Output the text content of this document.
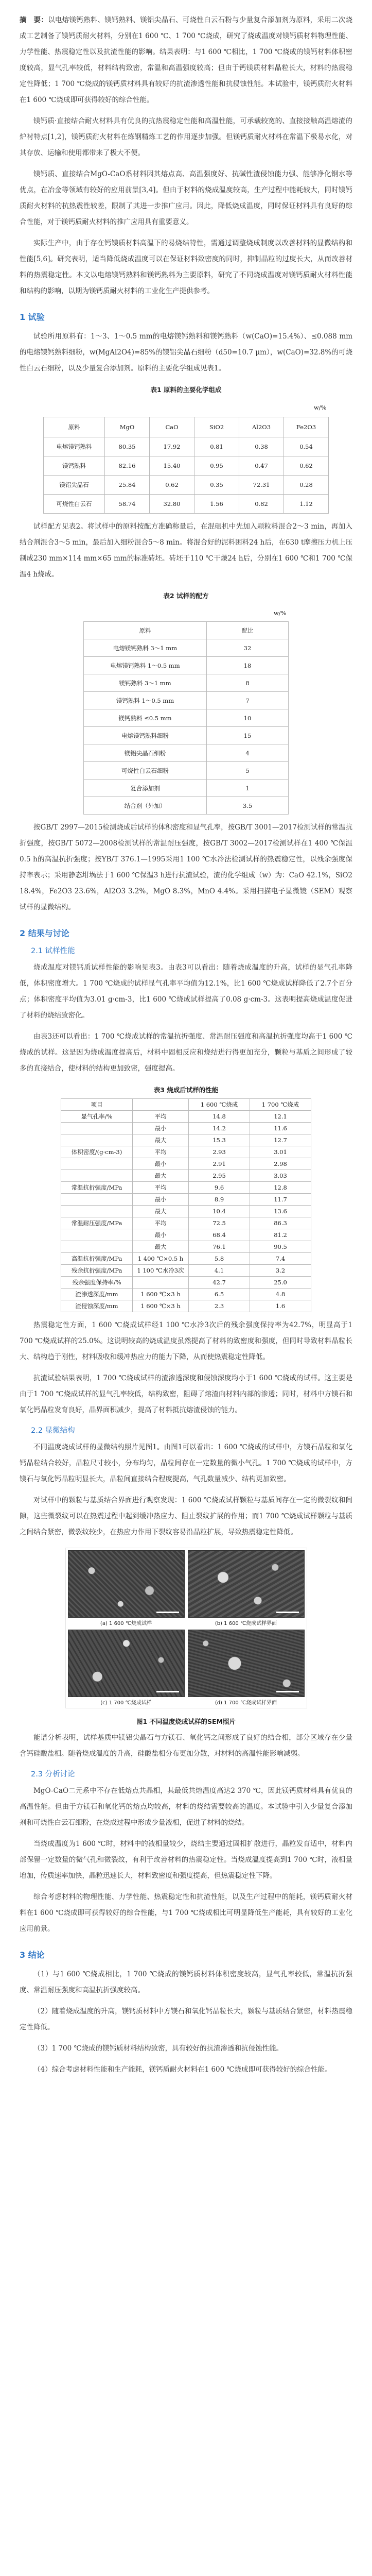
摘　要：以电熔镁钙熟料、镁钙熟料、镁铝尖晶石、可烧性白云石粉与少量复合添加剂为原料，采用二次烧成工艺制备了镁钙质耐火材料，分别在1 600 ℃、1 700 ℃烧成，研究了烧成温度对镁钙质材料物理性能、力学性能、热震稳定性以及抗渣性能的影响。结果表明：与1 600 ℃相比，1 700 ℃烧成的镁钙材料体积密度较高，显气孔率较低，材料结构致密，常温和高温强度较高；但由于钙镁质材料晶粒长大，材料的热震稳定性降低；1 700 ℃烧成的镁钙质材料具有较好的抗渣渗透性能和抗侵蚀性能。本试验中，镁钙质耐火材料在1 600 ℃烧成即可获得较好的综合性能。

镁钙质·直接结合耐火材料具有优良的抗热震稳定性能和高温性能，可承载较宽的、直接接触高温熔渣的炉衬特点[1,2]，镁钙质耐火材料在炼钢精炼工艺的作用逐步加强。但镁钙质耐火材料在常温下极易水化，对其存放、运输和使用都带来了极大不便。

镁钙质、直接结合MgO-CaO系材料因其熔点高、高温强度好、抗碱性渣侵蚀能力强、能够净化钢水等优点，在冶金等领域有较好的应用前景[3,4]。但由于材料的烧成温度较高，生产过程中能耗较大，同时镁钙质耐火材料的抗热震性较差，限制了其进一步推广应用。因此，降低烧成温度，同时保证材料具有良好的综合性能，对于镁钙质耐火材料的推广应用具有重要意义。

实际生产中，由于存在钙镁质材料高温下的易烧结特性，需通过调整烧成制度以改善材料的显微结构和性能[5,6]。研究表明，适当降低烧成温度可以在保证材料致密度的同时，抑制晶粒的过度长大，从而改善材料的热震稳定性。本文以电熔镁钙熟料和镁钙熟料为主要原料，研究了不同烧成温度对镁钙质耐火材料性能和结构的影响，以期为镁钙质耐火材料的工业化生产提供参考。

1 试验

试验所用原料有：1～3、1～0.5 mm的电熔镁钙熟料和镁钙熟料（w(CaO)=15.4%）、≤0.088 mm的电熔镁钙熟料细粉，w(MgAl2O4)=85%的镁铝尖晶石细粉（d50=10.7 μm），w(CaO)=32.8%的可烧性白云石细粉，以及少量复合添加剂。原料的主要化学组成见表1。

表1 原料的主要化学组成
w/%					
原料	MgO	CaO	SiO2	Al2O3	Fe2O3
电熔镁钙熟料	80.35	17.92	0.81	0.38	0.54
镁钙熟料	82.16	15.40	0.95	0.47	0.62
镁铝尖晶石	25.84	0.62	0.35	72.31	0.28
可烧性白云石	58.74	32.80	1.56	0.82	1.12

试样配方见表2。将试样中的原料按配方准确称量后，在混碾机中先加入颗粒料混合2～3 min，再加入结合剂混合3～5 min，最后加入细粉混合5～8 min。将混合好的泥料困料24 h后，在630 t摩擦压力机上压制成230 mm×114 mm×65 mm的标准砖坯。砖坯于110 ℃干燥24 h后，分别在1 600 ℃和1 700 ℃保温4 h烧成。

表2 试样的配方
w/%	
原料	配比
电熔镁钙熟料 3～1 mm	32
电熔镁钙熟料 1～0.5 mm	18
镁钙熟料 3～1 mm	8
镁钙熟料 1～0.5 mm	7
镁钙熟料 ≤0.5 mm	10
电熔镁钙熟料细粉	15
镁铝尖晶石细粉	4
可烧性白云石细粉	5
复合添加剂	1
结合剂（外加）	3.5

按GB/T 2997—2015检测烧成后试样的体积密度和显气孔率，按GB/T 3001—2017检测试样的常温抗折强度，按GB/T 5072—2008检测试样的常温耐压强度，按GB/T 3002—2017检测试样在1 400 ℃保温0.5 h的高温抗折强度；按YB/T 376.1—1995采用1 100 ℃水冷法检测试样的热震稳定性，以残余强度保持率表示；采用静态坩埚法于1 600 ℃保温3 h进行抗渣试验，渣的化学组成（w）为：CaO 42.1%，SiO2 18.4%，Fe2O3 23.6%，Al2O3 3.2%，MgO 8.3%，MnO 4.4%。采用扫描电子显微镜（SEM）观察试样的显微结构。

2 结果与讨论
2.1 试样性能

烧成温度对镁钙质试样性能的影响见表3。由表3可以看出：随着烧成温度的升高，试样的显气孔率降低，体积密度增大。1 700 ℃烧成的试样显气孔率平均值为12.1%，比1 600 ℃烧成试样降低了2.7个百分点；体积密度平均值为3.01 g·cm-3，比1 600 ℃烧成试样提高了0.08 g·cm-3。这表明提高烧成温度促进了材料的烧结致密化。

由表3还可以看出：1 700 ℃烧成试样的常温抗折强度、常温耐压强度和高温抗折强度均高于1 600 ℃烧成的试样。这是因为烧成温度提高后，材料中固相反应和烧结进行得更加充分，颗粒与基质之间形成了较多的直接结合，使材料的结构更加致密，强度提高。

表3 烧成后试样的性能
项目		1 600 ℃烧成	1 700 ℃烧成
显气孔率/%	平均	14.8	12.1
	最小	14.2	11.6
	最大	15.3	12.7
体积密度/(g·cm-3)	平均	2.93	3.01
	最小	2.91	2.98
	最大	2.95	3.03
常温抗折强度/MPa	平均	9.6	12.8
	最小	8.9	11.7
	最大	10.4	13.6
常温耐压强度/MPa	平均	72.5	86.3
	最小	68.4	81.2
	最大	76.1	90.5
高温抗折强度/MPa	1 400 ℃×0.5 h	5.8	7.4
残余抗折强度/MPa	1 100 ℃水冷3次	4.1	3.2
残余强度保持率/%		42.7	25.0
渣渗透深度/mm	1 600 ℃×3 h	6.5	4.8
渣侵蚀深度/mm	1 600 ℃×3 h	2.3	1.6

热震稳定性方面，1 600 ℃烧成试样经1 100 ℃水冷3次后的残余强度保持率为42.7%，明显高于1 700 ℃烧成试样的25.0%。这说明较高的烧成温度虽然提高了材料的致密度和强度，但同时导致材料晶粒长大、结构趋于刚性，材料吸收和缓冲热应力的能力下降，从而使热震稳定性降低。

抗渣试验结果表明，1 700 ℃烧成试样的渣渗透深度和侵蚀深度均小于1 600 ℃烧成的试样。这主要是由于1 700 ℃烧成试样的显气孔率较低，结构致密，阻碍了熔渣向材料内部的渗透；同时，材料中方镁石和氧化钙晶粒发育良好，晶界面积减少，提高了材料抵抗熔渣侵蚀的能力。

2.2 显微结构

不同温度烧成试样的显微结构照片见图1。由图1可以看出：1 600 ℃烧成的试样中，方镁石晶粒和氧化钙晶粒结合较好，晶粒尺寸较小，分布均匀，晶粒间存在一定数量的微小气孔。1 700 ℃烧成的试样中，方镁石与氧化钙晶粒明显长大，晶粒间直接结合程度提高，气孔数量减少、结构更加致密。

对试样中的颗粒与基质结合界面进行观察发现：1 600 ℃烧成试样颗粒与基质间存在一定的微裂纹和间隙，这些微裂纹可以在热震过程中起到缓冲热应力、阻止裂纹扩展的作用；而1 700 ℃烧成试样颗粒与基质之间结合紧密，微裂纹较少，在热应力作用下裂纹容易沿晶粒扩展，导致热震稳定性降低。

(a) 1 600 ℃烧成试样	(b) 1 600 ℃烧成试样界面
(c) 1 700 ℃烧成试样	(d) 1 700 ℃烧成试样界面
图1 不同温度烧成试样的SEM照片

能谱分析表明，试样基质中镁铝尖晶石与方镁石、氧化钙之间形成了良好的结合相，部分区域存在少量含钙硅酸盐相。随着烧成温度的升高，硅酸盐相分布更加分散，对材料的高温性能影响减弱。

2.3 分析讨论

MgO-CaO二元系中不存在低熔点共晶相，其最低共熔温度高达2 370 ℃，因此镁钙质材料具有优良的高温性能。但由于方镁石和氧化钙的熔点均较高，材料的烧结需要较高的温度。本试验中引入少量复合添加剂和可烧性白云石细粉，在烧成过程中形成少量液相，促进了材料的烧结。

当烧成温度为1 600 ℃时，材料中的液相量较少，烧结主要通过固相扩散进行，晶粒发育适中，材料内部保留一定数量的微气孔和微裂纹，有利于改善材料的热震稳定性。当烧成温度提高到1 700 ℃时，液相量增加，传质速率加快，晶粒迅速长大，材料致密度和强度提高，但热震稳定性下降。

综合考虑材料的物理性能、力学性能、热震稳定性和抗渣性能，以及生产过程中的能耗，镁钙质耐火材料在1 600 ℃烧成即可获得较好的综合性能，与1 700 ℃烧成相比可明显降低生产能耗，具有较好的工业化应用前景。

3 结论

（1）与1 600 ℃烧成相比，1 700 ℃烧成的镁钙质材料体积密度较高，显气孔率较低，常温抗折强度、常温耐压强度和高温抗折强度较高。

（2）随着烧成温度的升高，镁钙质材料中方镁石和氧化钙晶粒长大，颗粒与基质结合紧密，材料热震稳定性降低。

（3）1 700 ℃烧成的镁钙质材料结构致密，具有较好的抗渣渗透和抗侵蚀性能。

（4）综合考虑材料性能和生产能耗，镁钙质耐火材料在1 600 ℃烧成即可获得较好的综合性能。
